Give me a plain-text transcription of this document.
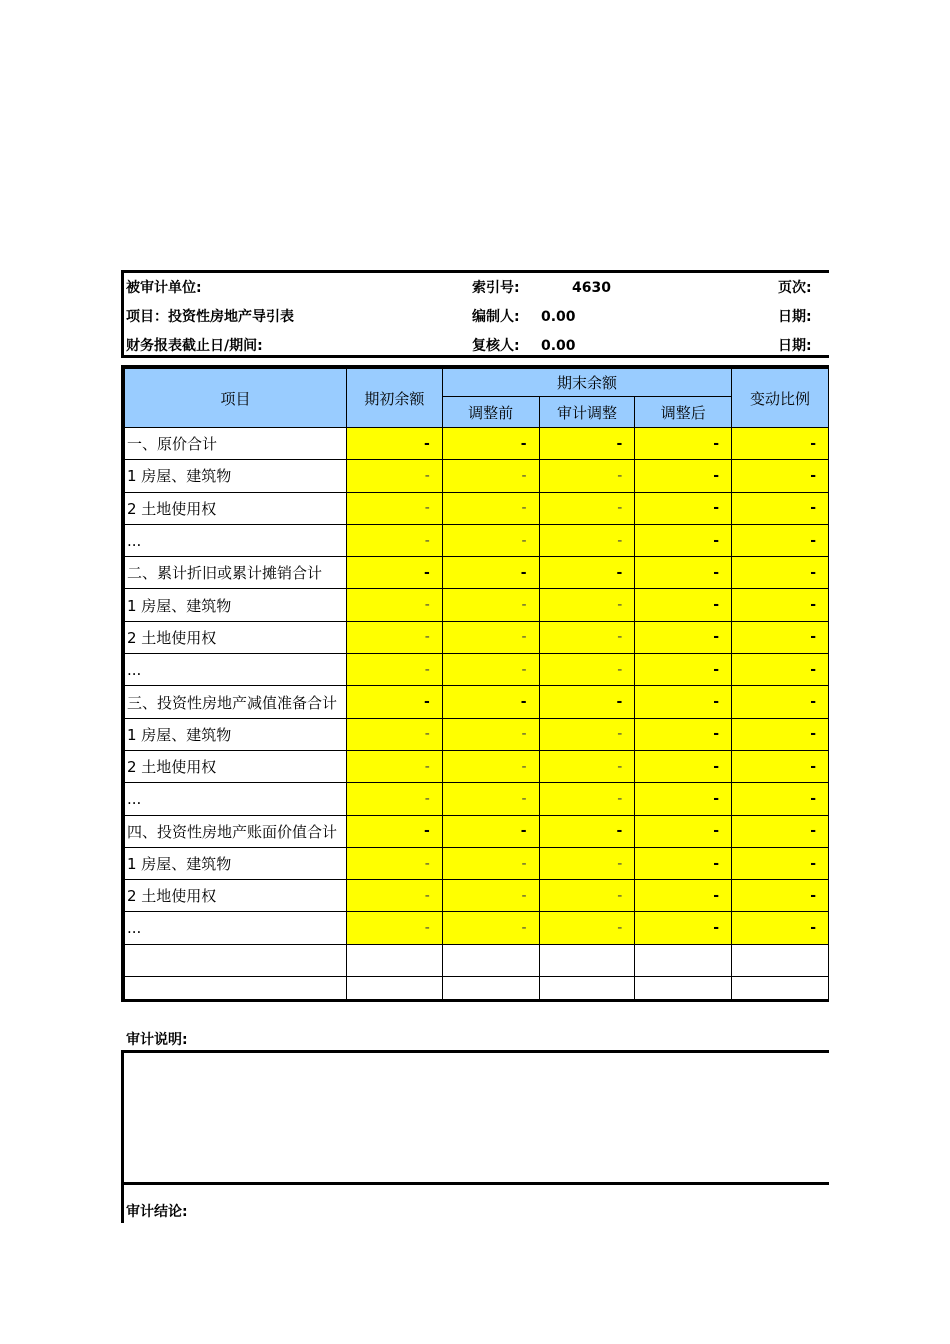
被审计单位:	索引号:	4630	页次:
项目：投资性房地产导引表	编制人: 0.00	日期:
财务报表截止日/期间:	复核人: 0.00	日期:
项目	期初余额	期末余额			变动比例
		调整前	审计调整	调整后	
一、原价合计	-	-	-	-	-
1 房屋、建筑物	-	-	-	-	-
2 土地使用权	-	-	-	-	-
...	-	-	-	-	-
二、累计折旧或累计摊销合计	-	-	-	-	-
1 房屋、建筑物	-	-	-	-	-
2 土地使用权	-	-	-	-	-
...	-	-	-	-	-
三、投资性房地产减值准备合计	-	-	-	-	-
1 房屋、建筑物	-	-	-	-	-
2 土地使用权	-	-	-	-	-
...	-	-	-	-	-
四、投资性房地产账面价值合计	-	-	-	-	-
1 房屋、建筑物	-	-	-	-	-
2 土地使用权	-	-	-	-	-
...	-	-	-	-	-

审计说明:
审计结论:
